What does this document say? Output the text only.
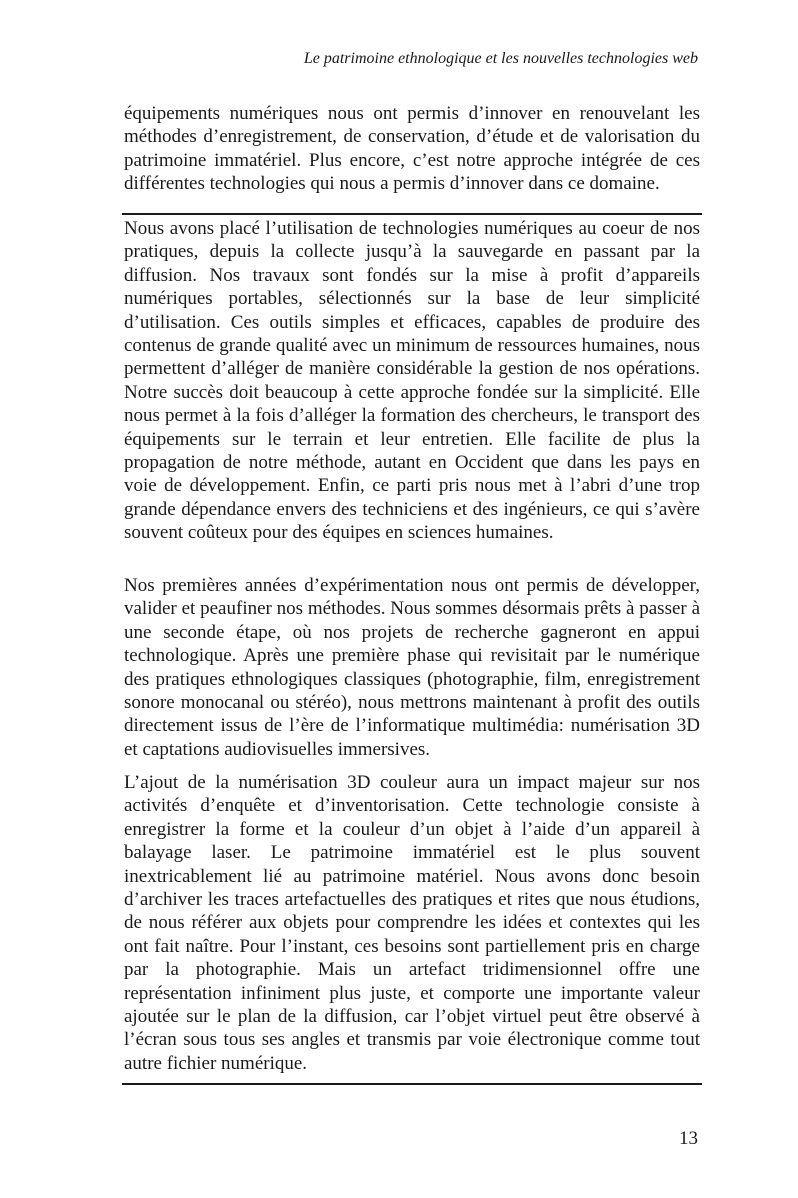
Le patrimoine ethnologique et les nouvelles technologies web

équipements numériques nous ont permis d’innover en renouvelant les méthodes d’enregistrement, de conservation, d’étude et de valorisation du patrimoine immatériel. Plus encore, c’est notre approche intégrée de ces différentes technologies qui nous a permis d’innover dans ce domaine.

Nous avons placé l’utilisation de technologies numériques au coeur de nos pratiques, depuis la collecte jusqu’à la sauvegarde en passant par la diffusion. Nos travaux sont fondés sur la mise à profit d’appareils numériques portables, sélectionnés sur la base de leur simplicité d’utilisation. Ces outils simples et efficaces, capables de produire des contenus de grande qualité avec un minimum de ressources humaines, nous permettent d’alléger de manière considérable la gestion de nos opérations. Notre succès doit beaucoup à cette approche fondée sur la simplicité. Elle nous permet à la fois d’alléger la formation des chercheurs, le transport des équipements sur le terrain et leur entretien. Elle facilite de plus la propagation de notre méthode, autant en Occident que dans les pays en voie de développement. Enfin, ce parti pris nous met à l’abri d’une trop grande dépendance envers des techniciens et des ingénieurs, ce qui s’avère souvent coûteux pour des équipes en sciences humaines.

Nos premières années d’expérimentation nous ont permis de développer, valider et peaufiner nos méthodes. Nous sommes désormais prêts à passer à une seconde étape, où nos projets de recherche gagneront en appui technologique. Après une première phase qui revisitait par le numérique des pratiques ethnologiques classiques (photographie, film, enregistrement sonore monocanal ou stéréo), nous mettrons maintenant à profit des outils directement issus de l’ère de l’informatique multimédia: numérisation 3D et captations audiovisuelles immersives.

L’ajout de la numérisation 3D couleur aura un impact majeur sur nos activités d’enquête et d’inventorisation. Cette technologie consiste à enregistrer la forme et la couleur d’un objet à l’aide d’un appareil à balayage laser. Le patrimoine immatériel est le plus souvent inextricablement lié au patrimoine matériel. Nous avons donc besoin d’archiver les traces artefactuelles des pratiques et rites que nous étudions, de nous référer aux objets pour comprendre les idées et contextes qui les ont fait naître. Pour l’instant, ces besoins sont partiellement pris en charge par la photographie. Mais un artefact tridimensionnel offre une représentation infiniment plus juste, et comporte une importante valeur ajoutée sur le plan de la diffusion, car l’objet virtuel peut être observé à l’écran sous tous ses angles et transmis par voie électronique comme tout autre fichier numérique.

13
